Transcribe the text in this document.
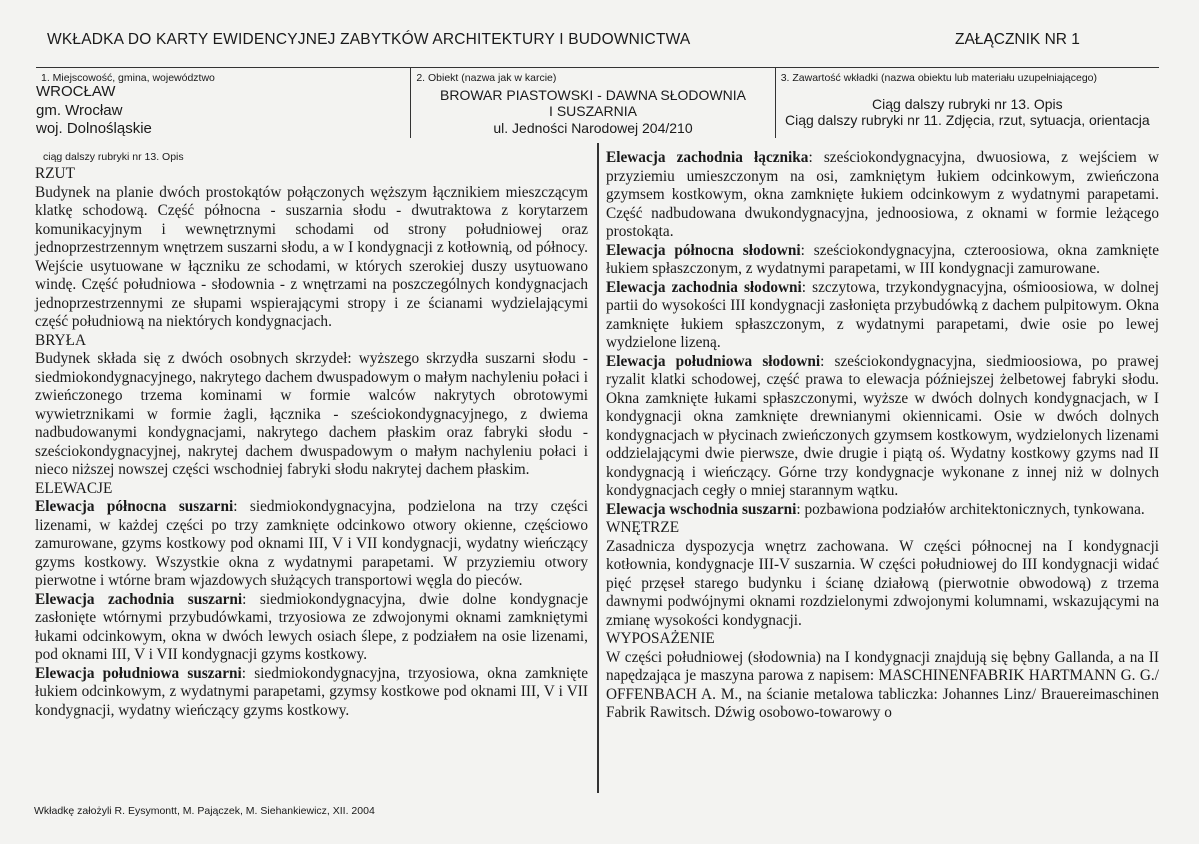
WKŁADKA DO KARTY EWIDENCYJNEJ ZABYTKÓW ARCHITEKTURY I BUDOWNICTWA	ZAŁĄCZNIK NR 1
1. Miejscowość, gmina, województwo
WROCŁAW
gm. Wrocław
woj. Dolnośląskie
2. Obiekt (nazwa jak w karcie)
BROWAR PIASTOWSKI - DAWNA SŁODOWNIA
I SUSZARNIA
ul. Jedności Narodowej 204/210
3. Zawartość wkładki (nazwa obiektu lub materiału uzupełniającego)
Ciąg dalszy rubryki nr 13. Opis
Ciąg dalszy rubryki nr 11. Zdjęcia, rzut, sytuacja, orientacja
ciąg dalszy rubryki nr 13. Opis

RZUT

Budynek na planie dwóch prostokątów połączonych węższym łącznikiem mieszczącym klatkę schodową. Część północna - suszarnia słodu - dwutraktowa z korytarzem komunikacyjnym i wewnętrznymi schodami od strony południowej oraz jednoprzestrzennym wnętrzem suszarni słodu, a w I kondygnacji z kotłownią, od północy. Wejście usytuowane w łączniku ze schodami, w których szerokiej duszy usytuowano windę. Część południowa - słodownia - z wnętrzami na poszczególnych kondygnacjach jednoprzestrzennymi ze słupami wspierającymi stropy i ze ścianami wydzielającymi część południową na niektórych kondygnacjach.

BRYŁA

Budynek składa się z dwóch osobnych skrzydeł: wyższego skrzydła suszarni słodu - siedmiokondygnacyjnego, nakrytego dachem dwuspadowym o małym nachyleniu połaci i zwieńczonego trzema kominami w formie walców nakrytych obrotowymi wywietrznikami w formie żagli, łącznika - sześciokondygnacyjnego, z dwiema nadbudowanymi kondygnacjami, nakrytego dachem płaskim oraz fabryki słodu - sześciokondygnacyjnej, nakrytej dachem dwuspadowym o małym nachyleniu połaci i nieco niższej nowszej części wschodniej fabryki słodu nakrytej dachem płaskim.

ELEWACJE

Elewacja północna suszarni: siedmiokondygnacyjna, podzielona na trzy części lizenami, w każdej części po trzy zamknięte odcinkowo otwory okienne, częściowo zamurowane, gzyms kostkowy pod oknami III, V i VII kondygnacji, wydatny wieńczący gzyms kostkowy. Wszystkie okna z wydatnymi parapetami. W przyziemiu otwory pierwotne i wtórne bram wjazdowych służących transportowi węgla do pieców.

Elewacja zachodnia suszarni: siedmiokondygnacyjna, dwie dolne kondygnacje zasłonięte wtórnymi przybudówkami, trzyosiowa ze zdwojonymi oknami zamkniętymi łukami odcinkowym, okna w dwóch lewych osiach ślepe, z podziałem na osie lizenami, pod oknami III, V i VII kondygnacji gzyms kostkowy.

Elewacja południowa suszarni: siedmiokondygnacyjna, trzyosiowa, okna zamknięte łukiem odcinkowym, z wydatnymi parapetami, gzymsy kostkowe pod oknami III, V i VII kondygnacji, wydatny wieńczący gzyms kostkowy.

Elewacja zachodnia łącznika: sześciokondygnacyjna, dwuosiowa, z wejściem w przyziemiu umieszczonym na osi, zamkniętym łukiem odcinkowym, zwieńczona gzymsem kostkowym, okna zamknięte łukiem odcinkowym z wydatnymi parapetami. Część nadbudowana dwukondygnacyjna, jednoosiowa, z oknami w formie leżącego prostokąta.

Elewacja północna słodowni: sześciokondygnacyjna, czteroosiowa, okna zamknięte łukiem spłaszczonym, z wydatnymi parapetami, w III kondygnacji zamurowane.

Elewacja zachodnia słodowni: szczytowa, trzykondygnacyjna, ośmioosiowa, w dolnej partii do wysokości III kondygnacji zasłonięta przybudówką z dachem pulpitowym. Okna zamknięte łukiem spłaszczonym, z wydatnymi parapetami, dwie osie po lewej wydzielone lizeną.

Elewacja południowa słodowni: sześciokondygnacyjna, siedmioosiowa, po prawej ryzalit klatki schodowej, część prawa to elewacja późniejszej żelbetowej fabryki słodu. Okna zamknięte łukami spłaszczonymi, wyższe w dwóch dolnych kondygnacjach, w I kondygnacji okna zamknięte drewnianymi okiennicami. Osie w dwóch dolnych kondygnacjach w płycinach zwieńczonych gzymsem kostkowym, wydzielonych lizenami oddzielającymi dwie pierwsze, dwie drugie i piątą oś. Wydatny kostkowy gzyms nad II kondygnacją i wieńczący. Górne trzy kondygnacje wykonane z innej niż w dolnych kondygnacjach cegły o mniej starannym wątku.

Elewacja wschodnia suszarni: pozbawiona podziałów architektonicznych, tynkowana.

WNĘTRZE

Zasadnicza dyspozycja wnętrz zachowana. W części północnej na I kondygnacji kotłownia, kondygnacje III-V suszarnia. W części południowej do III kondygnacji widać pięć przęseł starego budynku i ścianę działową (pierwotnie obwodową) z trzema dawnymi podwójnymi oknami rozdzielonymi zdwojonymi kolumnami, wskazującymi na zmianę wysokości kondygnacji.

WYPOSAŻENIE

W części południowej (słodownia) na I kondygnacji znajdują się bębny Gallanda, a na II napędzająca je maszyna parowa z napisem: MASCHINENFABRIK HARTMANN G. G./ OFFENBACH A. M., na ścianie metalowa tabliczka: Johannes Linz/ Brauereimaschinen Fabrik Rawitsch. Dźwig osobowo-towarowy o

Wkładkę założyli R. Eysymontt, M. Pajączek, M. Siehankiewicz, XII. 2004
